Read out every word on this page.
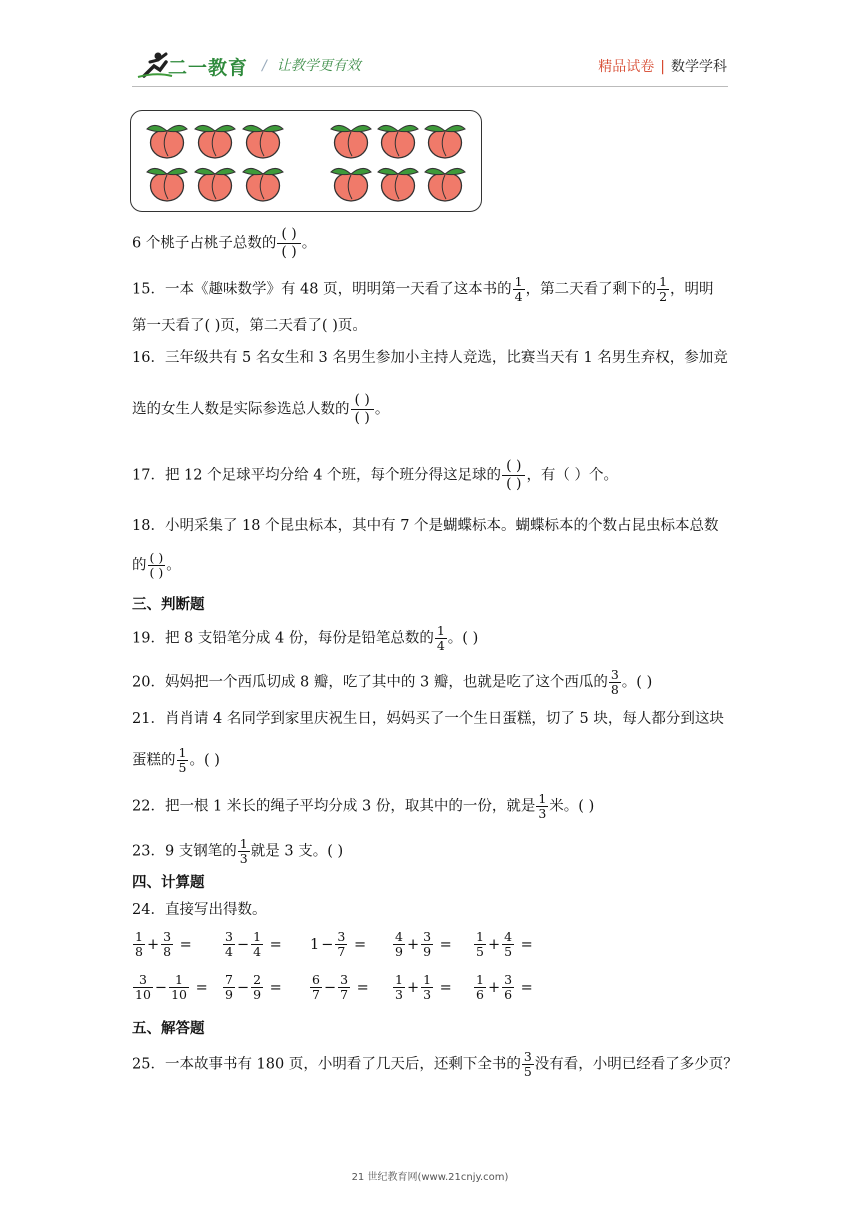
二一教育 / 让教学更有效	精品试卷 | 数学学科
6 个桃子占桃子总数的 $\frac{( )}{( )}$ 。
15．一本《趣味数学》有 48 页，明明第一天看了这本书的 $\frac{1}{4}$ ，第二天看了剩下的 $\frac{1}{2}$ ，明明
第一天看了( )页，第二天看了( )页。
16．三年级共有 5 名女生和 3 名男生参加小主持人竞选，比赛当天有 1 名男生弃权，参加竞
选的女生人数是实际参选总人数的 $\frac{( )}{( )}$ 。
17．把 12 个足球平均分给 4 个班，每个班分得这足球的 $\frac{( )}{( )}$ ，有（ ）个。
18．小明采集了 18 个昆虫标本，其中有 7 个是蝴蝶标本。蝴蝶标本的个数占昆虫标本总数
的 $\frac{( )}{( )}$ 。
三、判断题
19．把 8 支铅笔分成 4 份，每份是铅笔总数的 $\frac{1}{4}$ 。( )
20．妈妈把一个西瓜切成 8 瓣，吃了其中的 3 瓣，也就是吃了这个西瓜的 $\frac{3}{8}$ 。( )
21．肖肖请 4 名同学到家里庆祝生日，妈妈买了一个生日蛋糕，切了 5 块，每人都分到这块
蛋糕的 $\frac{1}{5}$ 。( )
22．把一根 1 米长的绳子平均分成 3 份，取其中的一份，就是 $\frac{1}{3}$ 米。( )
23．9 支钢笔的 $\frac{1}{3}$ 就是 3 支。( )
四、计算题
24．直接写出得数。
$\frac{1}{8} + \frac{3}{8} = \frac{3}{4} - \frac{1}{4} = 1 - \frac{3}{7} = \frac{4}{9} + \frac{3}{9} = \frac{1}{5} + \frac{4}{5}$ =
$\frac{3}{10} - \frac{1}{10} = \frac{7}{9} - \frac{2}{9} = \frac{6}{7} - \frac{3}{7} = \frac{1}{3} + \frac{1}{3} = \frac{1}{6} + \frac{3}{6}$ =
五、解答题
25．一本故事书有 180 页，小明看了几天后，还剩下全书的 $\frac{3}{5}$ 没有看，小明已经看了多少页？
21 世纪教育网(www.21cnjy.com)
